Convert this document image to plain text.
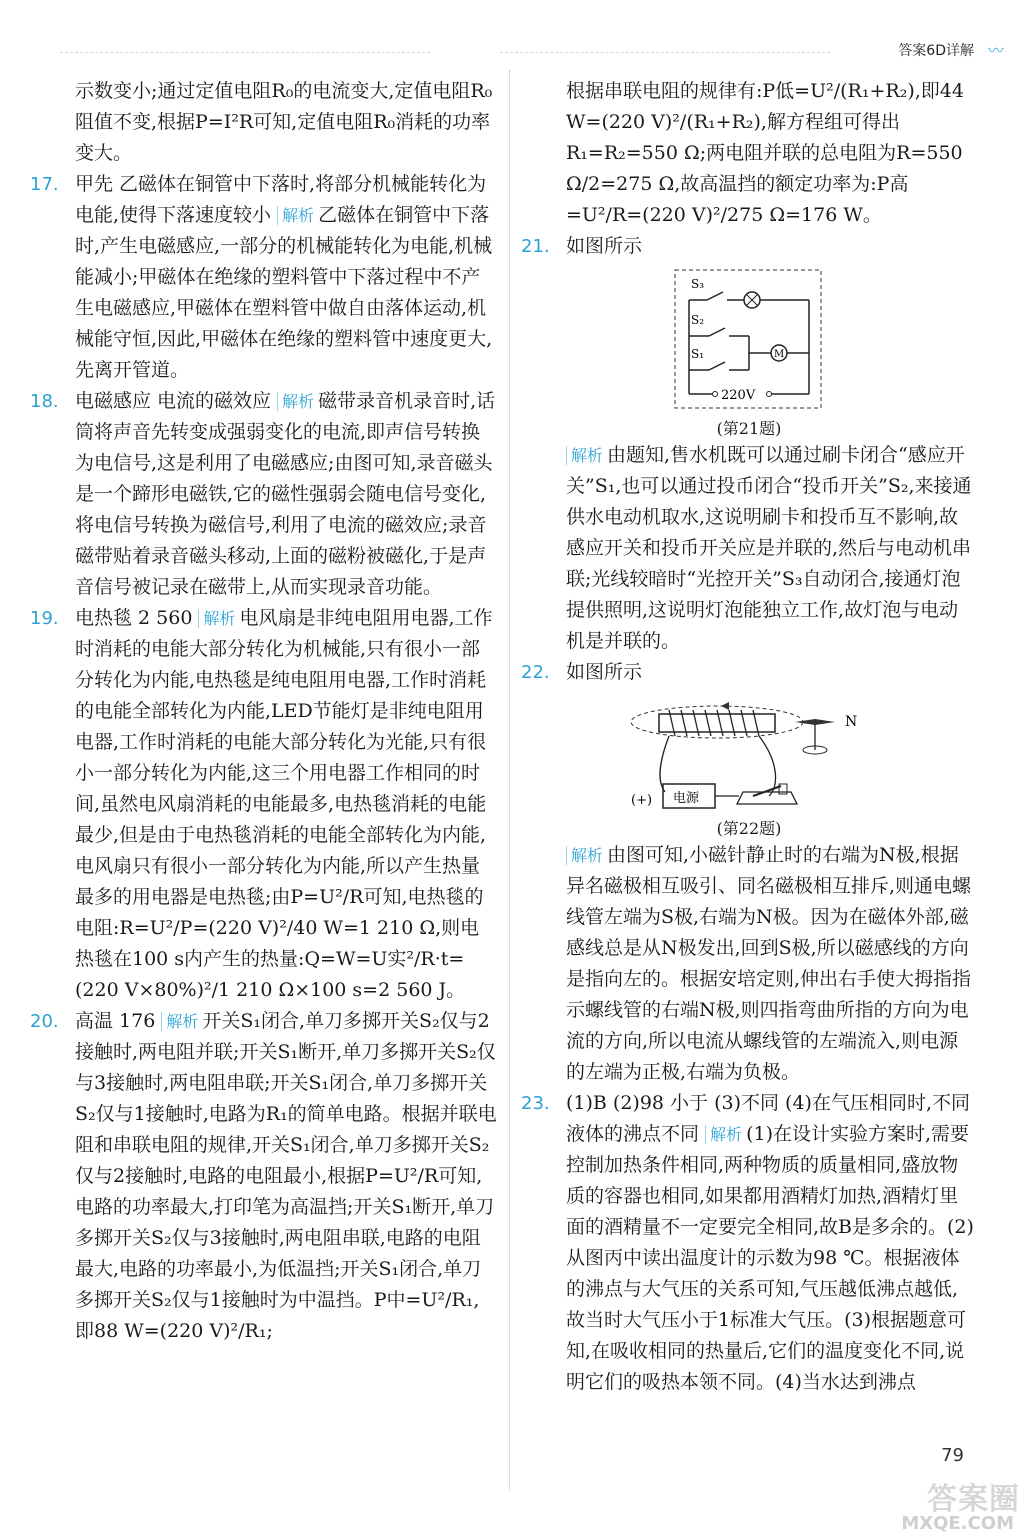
答案6D详解 〰
示数变小;通过定值电阻R₀的电流变大,定值电阻R₀阻值不变,根据P=I²R可知,定值电阻R₀消耗的功率变大。
17. 甲先 乙磁体在铜管中下落时,将部分机械能转化为电能,使得下落速度较小 解析 乙磁体在铜管中下落时,产生电磁感应,一部分的机械能转化为电能,机械能减小;甲磁体在绝缘的塑料管中下落过程中不产生电磁感应,甲磁体在塑料管中做自由落体运动,机械能守恒,因此,甲磁体在绝缘的塑料管中速度更大,先离开管道。
18. 电磁感应 电流的磁效应 解析 磁带录音机录音时,话筒将声音先转变成强弱变化的电流,即声信号转换为电信号,这是利用了电磁感应;由图可知,录音磁头是一个蹄形电磁铁,它的磁性强弱会随电信号变化,将电信号转换为磁信号,利用了电流的磁效应;录音磁带贴着录音磁头移动,上面的磁粉被磁化,于是声音信号被记录在磁带上,从而实现录音功能。
19. 电热毯 2 560 解析 电风扇是非纯电阻用电器,工作时消耗的电能大部分转化为机械能,只有很小一部分转化为内能,电热毯是纯电阻用电器,工作时消耗的电能全部转化为内能,LED节能灯是非纯电阻用电器,工作时消耗的电能大部分转化为光能,只有很小一部分转化为内能,这三个用电器工作相同的时间,虽然电风扇消耗的电能最多,电热毯消耗的电能最少,但是由于电热毯消耗的电能全部转化为内能,电风扇只有很小一部分转化为内能,所以产生热量最多的用电器是电热毯;由P=U²/R可知,电热毯的电阻:R=U²/P=(220 V)²/40 W=1 210 Ω,则电热毯在100 s内产生的热量:Q=W=U实²/R·t=(220 V×80%)²/1 210 Ω×100 s=2 560 J。
20. 高温 176 解析 开关S₁闭合,单刀多掷开关S₂仅与2接触时,两电阻并联;开关S₁断开,单刀多掷开关S₂仅与3接触时,两电阻串联;开关S₁闭合,单刀多掷开关S₂仅与1接触时,电路为R₁的简单电路。根据并联电阻和串联电阻的规律,开关S₁闭合,单刀多掷开关S₂仅与2接触时,电路的电阻最小,根据P=U²/R可知,电路的功率最大,打印笔为高温挡;开关S₁断开,单刀多掷开关S₂仅与3接触时,两电阻串联,电路的电阻最大,电路的功率最小,为低温挡;开关S₁闭合,单刀多掷开关S₂仅与1接触时为中温挡。P中=U²/R₁,即88 W=(220 V)²/R₁;
根据串联电阻的规律有:P低=U²/(R₁+R₂),即44 W=(220 V)²/(R₁+R₂),解方程组可得出R₁=R₂=550 Ω;两电阻并联的总电阻为R=550 Ω/2=275 Ω,故高温挡的额定功率为:P高=U²/R=(220 V)²/275 Ω=176 W。
21. 如图所示
S₃
S₂
S₁	M
220V
(第21题)
解析 由题知,售水机既可以通过刷卡闭合“感应开关”S₁,也可以通过投币闭合“投币开关”S₂,来接通供水电动机取水,这说明刷卡和投币互不影响,故感应开关和投币开关应是并联的,然后与电动机串联;光线较暗时“光控开关”S₃自动闭合,接通灯泡提供照明,这说明灯泡能独立工作,故灯泡与电动机是并联的。
22. 如图所示
N
电源
(+)
(第22题)
解析 由图可知,小磁针静止时的右端为N极,根据异名磁极相互吸引、同名磁极相互排斥,则通电螺线管左端为S极,右端为N极。因为在磁体外部,磁感线总是从N极发出,回到S极,所以磁感线的方向是指向左的。根据安培定则,伸出右手使大拇指指示螺线管的右端N极,则四指弯曲所指的方向为电流的方向,所以电流从螺线管的左端流入,则电源的左端为正极,右端为负极。
23. (1)B (2)98 小于 (3)不同 (4)在气压相同时,不同液体的沸点不同 解析 (1)在设计实验方案时,需要控制加热条件相同,两种物质的质量相同,盛放物质的容器也相同,如果都用酒精灯加热,酒精灯里面的酒精量不一定要完全相同,故B是多余的。(2)从图丙中读出温度计的示数为98 ℃。根据液体的沸点与大气压的关系可知,气压越低沸点越低,故当时大气压小于1标准大气压。(3)根据题意可知,在吸收相同的热量后,它们的温度变化不同,说明它们的吸热本领不同。(4)当水达到沸点
79
答案圈
MXQE.COM
